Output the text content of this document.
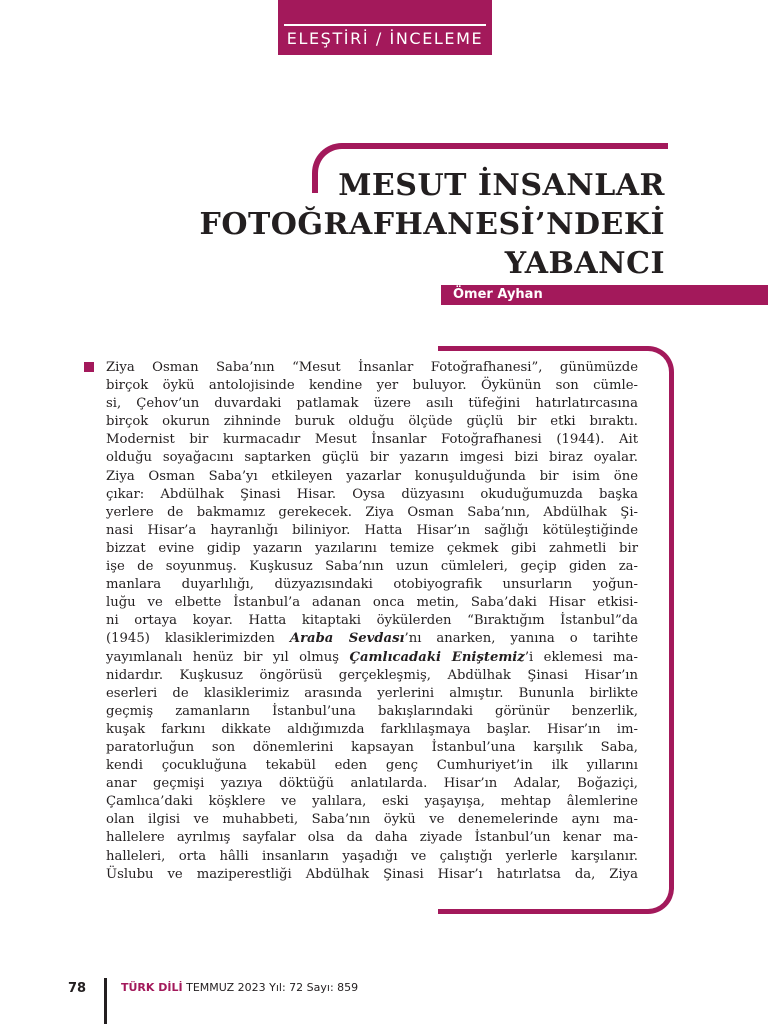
ELEŞTİRİ / İNCELEME
MESUT İNSANLAR
FOTOĞRAFHANESİ’NDEKİ
YABANCI
Ömer Ayhan
Ziya Osman Saba’nın “Mesut İnsanlar Fotoğrafhanesi”, günümüzde
birçok öykü antolojisinde kendine yer buluyor. Öykünün son cümle-
si, Çehov’un duvardaki patlamak üzere asılı tüfeğini hatırlatırcasına
birçok okurun zihninde buruk olduğu ölçüde güçlü bir etki bıraktı.
Modernist bir kurmacadır Mesut İnsanlar Fotoğrafhanesi (1944). Ait
olduğu soyağacını saptarken güçlü bir yazarın imgesi bizi biraz oyalar.
Ziya Osman Saba’yı etkileyen yazarlar konuşulduğunda bir isim öne
çıkar: Abdülhak Şinasi Hisar. Oysa düzyasını okuduğumuzda başka
yerlere de bakmamız gerekecek. Ziya Osman Saba’nın, Abdülhak Şi-
nasi Hisar’a hayranlığı biliniyor. Hatta Hisar’ın sağlığı kötüleştiğinde
bizzat evine gidip yazarın yazılarını temize çekmek gibi zahmetli bir
işe de soyunmuş. Kuşkusuz Saba’nın uzun cümleleri, geçip giden za-
manlara duyarlılığı, düzyazısındaki otobiyografik unsurların yoğun-
luğu ve elbette İstanbul’a adanan onca metin, Saba’daki Hisar etkisi-
ni ortaya koyar. Hatta kitaptaki öykülerden “Bıraktığım İstanbul”da
(1945) klasiklerimizden Araba Sevdası’nı anarken, yanına o tarihte
yayımlanalı henüz bir yıl olmuş Çamlıcadaki Eniştemiz’i eklemesi ma-
nidardır. Kuşkusuz öngörüsü gerçekleşmiş, Abdülhak Şinasi Hisar’ın
eserleri de klasiklerimiz arasında yerlerini almıştır. Bununla birlikte
geçmiş zamanların İstanbul’una bakışlarındaki görünür benzerlik,
kuşak farkını dikkate aldığımızda farklılaşmaya başlar. Hisar’ın im-
paratorluğun son dönemlerini kapsayan İstanbul’una karşılık Saba,
kendi çocukluğuna tekabül eden genç Cumhuriyet’in ilk yıllarını
anar geçmişi yazıya döktüğü anlatılarda. Hisar’ın Adalar, Boğaziçi,
Çamlıca’daki köşklere ve yalılara, eski yaşayışa, mehtap âlemlerine
olan ilgisi ve muhabbeti, Saba’nın öykü ve denemelerinde aynı ma-
hallelere ayrılmış sayfalar olsa da daha ziyade İstanbul’un kenar ma-
halleleri, orta hâlli insanların yaşadığı ve çalıştığı yerlerle karşılanır.
Üslubu ve maziperestliği Abdülhak Şinasi Hisar’ı hatırlatsa da, Ziya
78	TÜRK DİLİ TEMMUZ 2023 Yıl: 72 Sayı: 859
